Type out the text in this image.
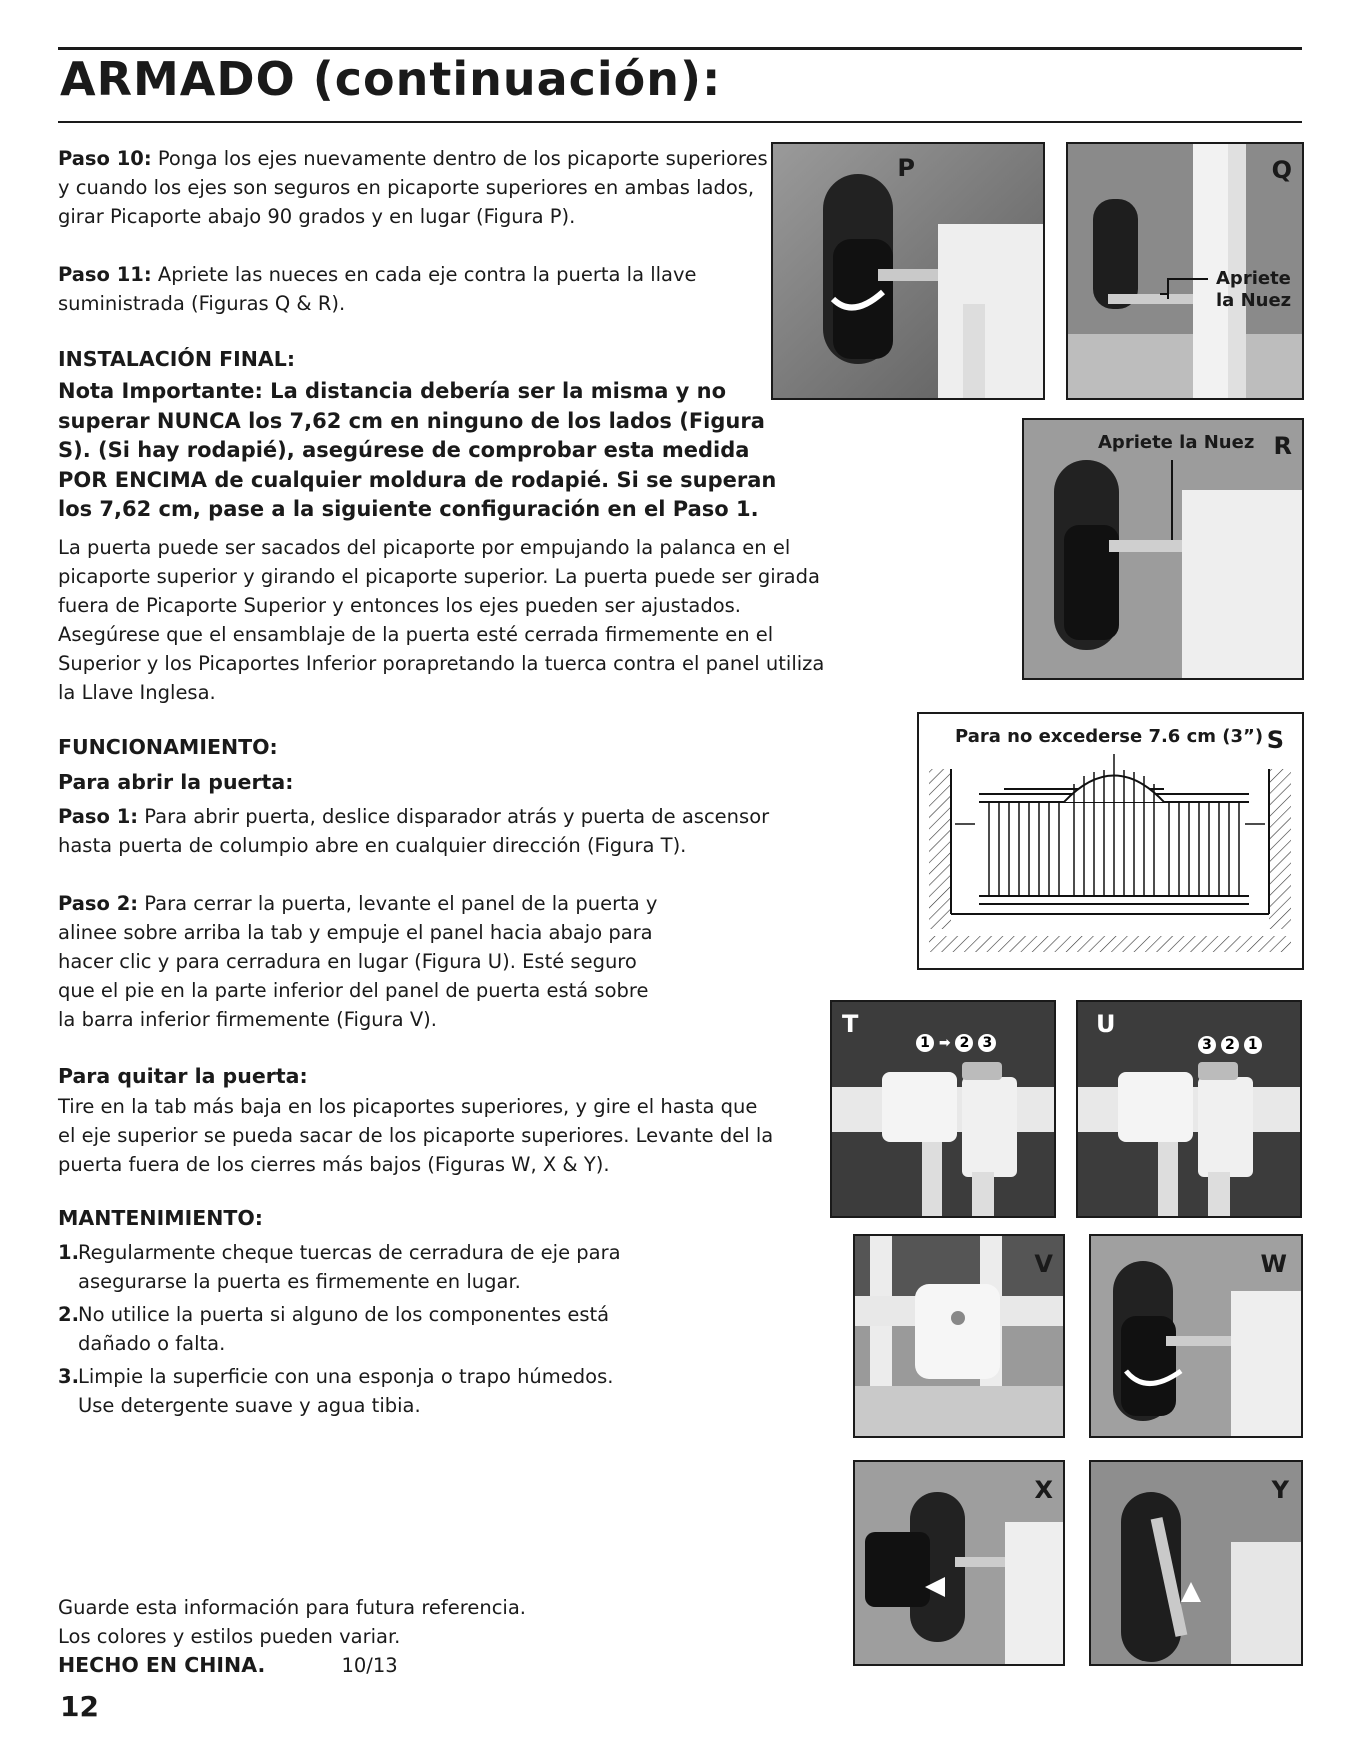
ARMADO (continuación):
Paso 10: Ponga los ejes nuevamente dentro de los picaporte superiores y cuando los ejes son seguros en picaporte superiores en ambas lados, girar Picaporte abajo 90 grados y en lugar (Figura P).
Paso 11: Apriete las nueces en cada eje contra la puerta la llave suministrada (Figuras Q & R).
INSTALACIÓN FINAL:
Nota Importante: La distancia debería ser la misma y no superar NUNCA los 7,62 cm en ninguno de los lados (Figura S). (Si hay rodapié), asegúrese de comprobar esta medida POR ENCIMA de cualquier moldura de rodapié. Si se superan los 7,62 cm, pase a la siguiente configuración en el Paso 1.
La puerta puede ser sacados del picaporte por empujando la palanca en el picaporte superior y girando el picaporte superior. La puerta puede ser girada fuera de Picaporte Superior y entonces los ejes pueden ser ajustados. Asegúrese que el ensamblaje de la puerta esté cerrada firmemente en el Superior y los Picaportes Inferior porapretando la tuerca contra el panel utiliza la Llave Inglesa.
FUNCIONAMIENTO:
Para abrir la puerta:
Paso 1: Para abrir puerta, deslice disparador atrás y puerta de ascensor hasta puerta de columpio abre en cualquier dirección (Figura T).
Paso 2: Para cerrar la puerta, levante el panel de la puerta y alinee sobre arriba la tab y empuje el panel hacia abajo para hacer clic y para cerradura en lugar (Figura U). Esté seguro que el pie en la parte inferior del panel de puerta está sobre la barra inferior firmemente (Figura V).
Para quitar la puerta:
Tire en la tab más baja en los picaportes superiores, y gire el hasta que el eje superior se pueda sacar de los picaporte superiores. Levante del la puerta fuera de los cierres más bajos (Figuras W, X & Y).
MANTENIMIENTO:
1. Regularmente cheque tuercas de cerradura de eje para asegurarse la puerta es firmemente en lugar.
2. No utilice la puerta si alguno de los componentes está dañado o falta.
3. Limpie la superficie con una esponja o trapo húmedos. Use detergente suave y agua tibia.
Guarde esta información para futura referencia.
Los colores y estilos pueden variar.
HECHO EN CHINA.	10/13
12
P	Q
Apriete
la Nuez
Apriete la Nuez R
Para no excederse 7.6 cm (3”) S
T
1 ➡ 2 3
U
3 2 1
V	W
X	Y
